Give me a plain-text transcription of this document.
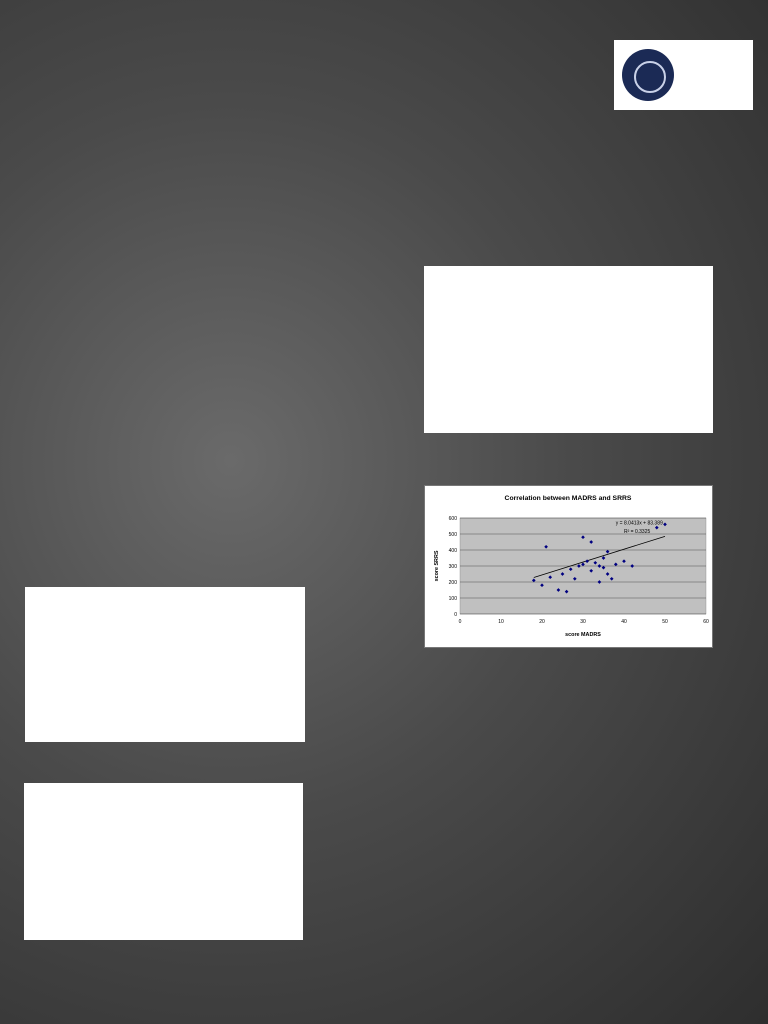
Correlation between MADRS and SRRS
0
100
200
300
400
500
600
0	10	20	30	40	50	60
score MADRS
score SRRS
y = 8.0413x + 83.389
R² = 0.3325
